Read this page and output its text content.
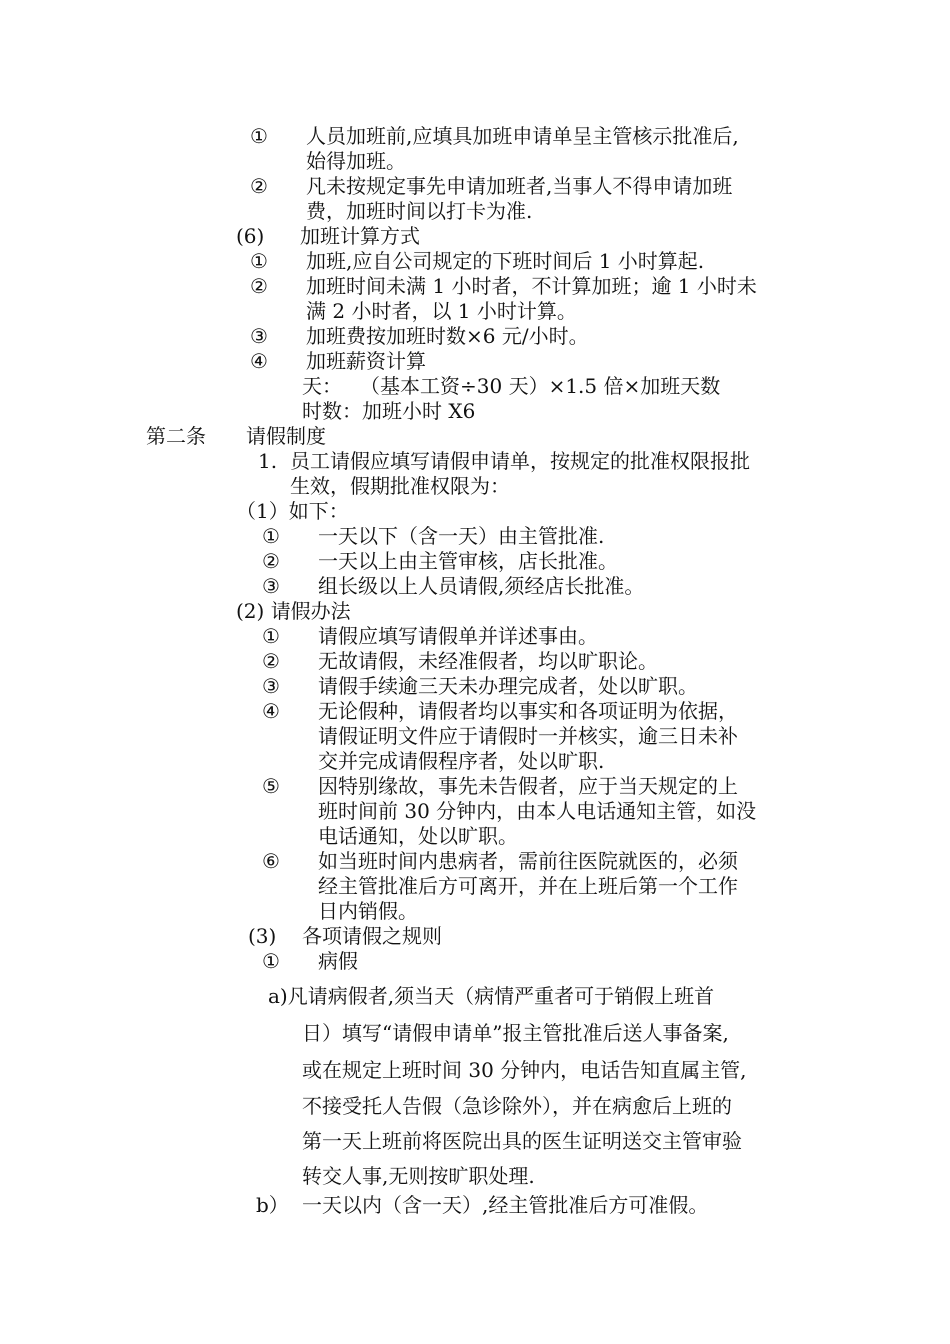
① 人员加班前,应填具加班申请单呈主管核示批准后,
始得加班。
② 凡未按规定事先申请加班者,当事人不得申请加班
费，加班时间以打卡为准.
(6) 加班计算方式
① 加班,应自公司规定的下班时间后 1 小时算起.
② 加班时间未满 1 小时者，不计算加班；逾 1 小时未
满 2 小时者，以 1 小时计算。
③ 加班费按加班时数×6 元/小时。
④ 加班薪资计算
天： （基本工资÷30 天）×1.5 倍×加班天数
时数：加班小时 X6
第二条 请假制度
1. 员工请假应填写请假申请单，按规定的批准权限报批
生效，假期批准权限为：
（1）如下：
① 一天以下（含一天）由主管批准.
② 一天以上由主管审核，店长批准。
③ 组长级以上人员请假,须经店长批准。
(2) 请假办法
① 请假应填写请假单并详述事由。
② 无故请假，未经准假者，均以旷职论。
③ 请假手续逾三天未办理完成者，处以旷职。
④ 无论假种，请假者均以事实和各项证明为依据，
请假证明文件应于请假时一并核实，逾三日未补
交并完成请假程序者，处以旷职.
⑤ 因特别缘故，事先未告假者，应于当天规定的上
班时间前 30 分钟内，由本人电话通知主管，如没
电话通知，处以旷职。
⑥ 如当班时间内患病者，需前往医院就医的，必须
经主管批准后方可离开，并在上班后第一个工作
日内销假。
(3) 各项请假之规则
① 病假
a)凡请病假者,须当天（病情严重者可于销假上班首
日）填写“请假申请单”报主管批准后送人事备案,
或在规定上班时间 30 分钟内，电话告知直属主管,
不接受托人告假（急诊除外），并在病愈后上班的
第一天上班前将医院出具的医生证明送交主管审验
转交人事,无则按旷职处理.
b） 一天以内（含一天）,经主管批准后方可准假。
